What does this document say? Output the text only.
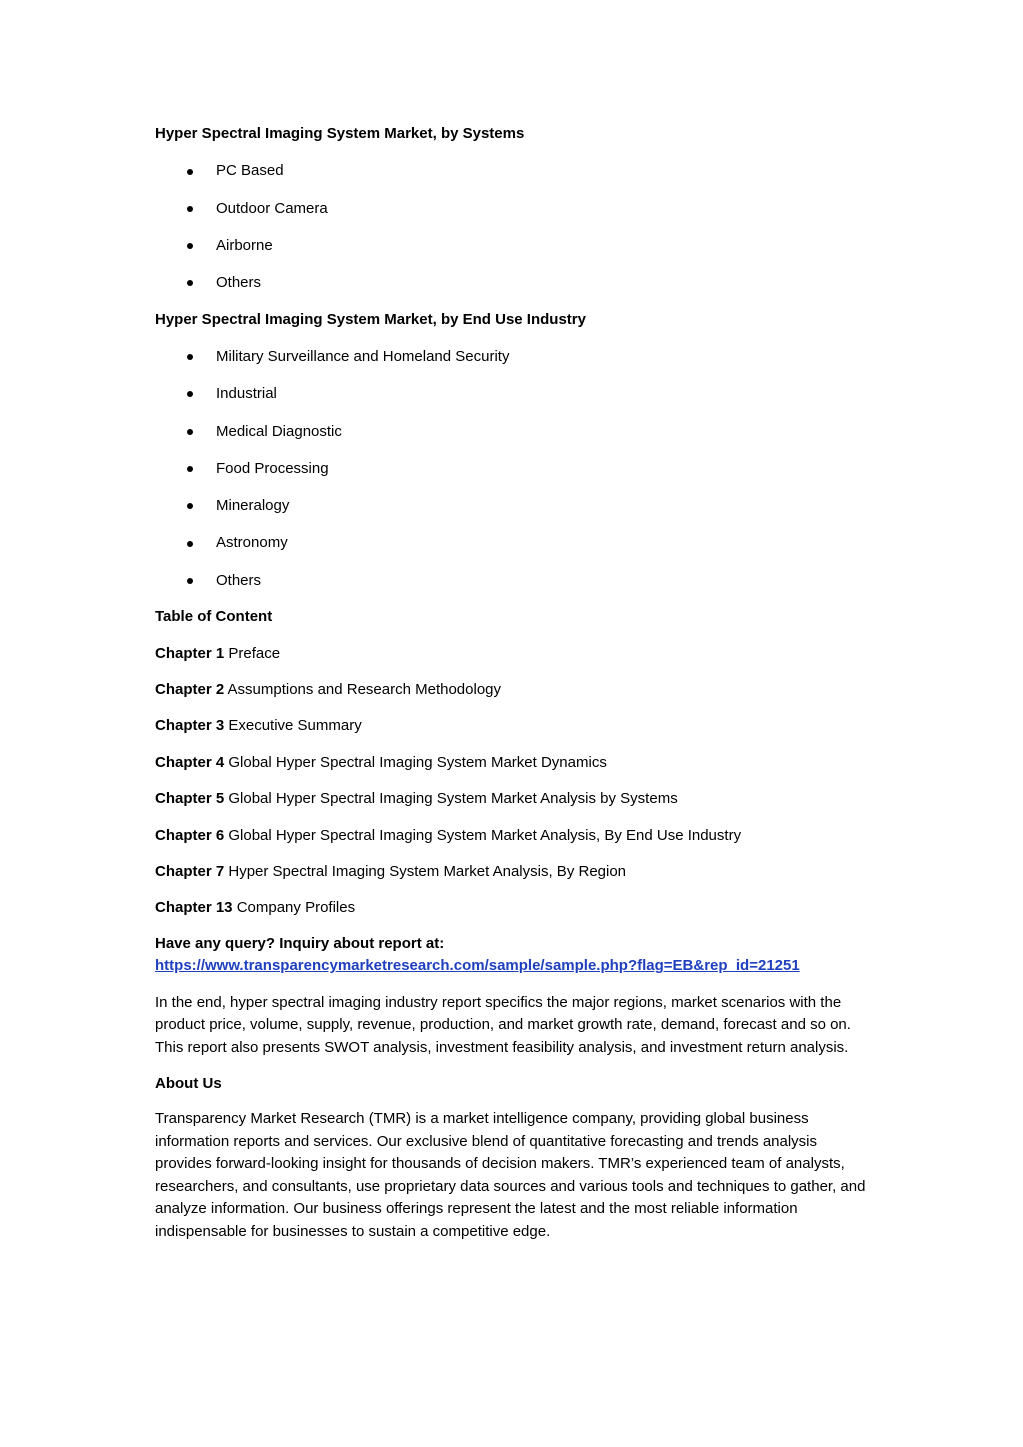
Hyper Spectral Imaging System Market, by Systems

PC Based
Outdoor Camera
Airborne
Others

Hyper Spectral Imaging System Market, by End Use Industry

Military Surveillance and Homeland Security
Industrial
Medical Diagnostic
Food Processing
Mineralogy
Astronomy
Others

Table of Content

Chapter 1 Preface
Chapter 2 Assumptions and Research Methodology
Chapter 3 Executive Summary
Chapter 4 Global Hyper Spectral Imaging System Market Dynamics
Chapter 5 Global Hyper Spectral Imaging System Market Analysis by Systems
Chapter 6 Global Hyper Spectral Imaging System Market Analysis, By End Use Industry
Chapter 7 Hyper Spectral Imaging System Market Analysis, By Region
Chapter 13 Company Profiles
Have any query? Inquiry about report at:
https://www.transparencymarketresearch.com/sample/sample.php?flag=EB&rep_id=21251
In the end, hyper spectral imaging industry report specifics the major regions, market scenarios with the product price, volume, supply, revenue, production, and market growth rate, demand, forecast and so on. This report also presents SWOT analysis, investment feasibility analysis, and investment return analysis.
About Us
Transparency Market Research (TMR) is a market intelligence company, providing global business information reports and services. Our exclusive blend of quantitative forecasting and trends analysis provides forward-looking insight for thousands of decision makers. TMR’s experienced team of analysts, researchers, and consultants, use proprietary data sources and various tools and techniques to gather, and analyze information. Our business offerings represent the latest and the most reliable information indispensable for businesses to sustain a competitive edge.
